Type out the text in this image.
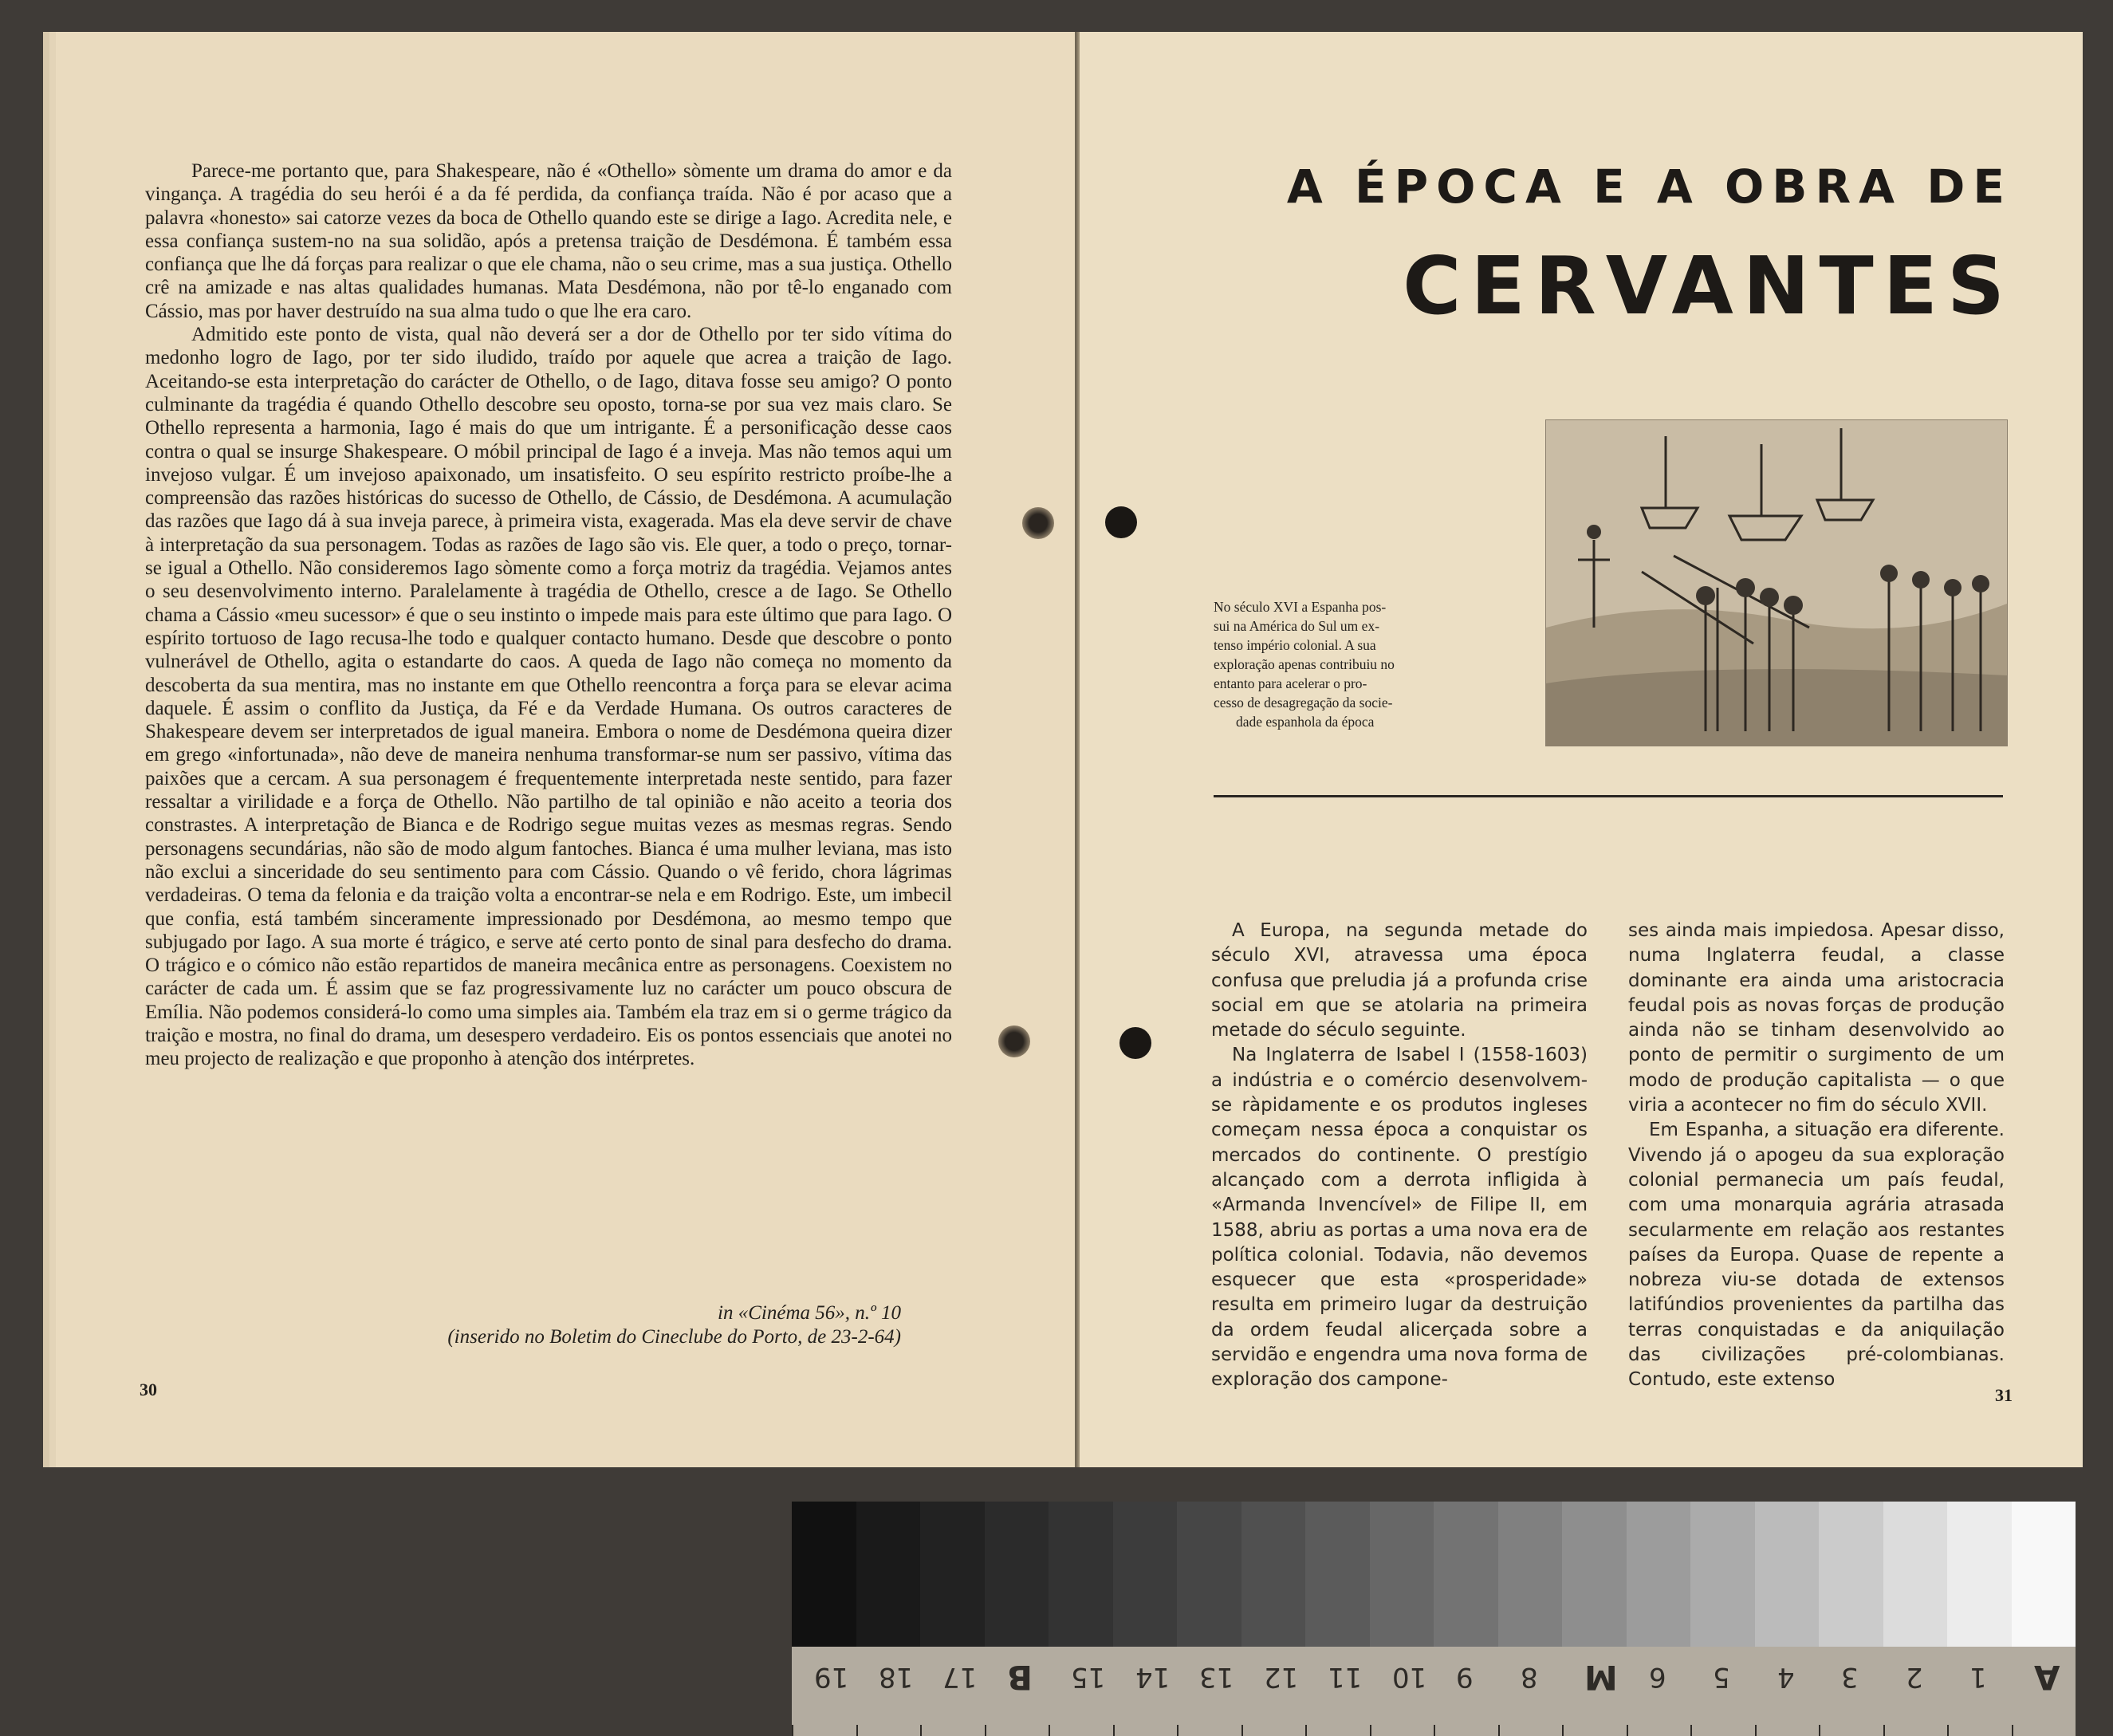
Parece-me portanto que, para Shakespeare, não é «Othello» sòmente um drama do amor e da vingança. A tragédia do seu herói é a da fé perdida, da confiança traída. Não é por acaso que a palavra «honesto» sai catorze vezes da boca de Othello quando este se dirige a Iago. Acredita nele, e essa confiança sustem-no na sua solidão, após a pretensa traição de Desdémona. É também essa confiança que lhe dá forças para realizar o que ele chama, não o seu crime, mas a sua justiça. Othello crê na amizade e nas altas qualidades humanas. Mata Desdémona, não por tê-lo enganado com Cássio, mas por haver destruído na sua alma tudo o que lhe era caro.

Admitido este ponto de vista, qual não deverá ser a dor de Othello por ter sido vítima do medonho logro de Iago, por ter sido iludido, traído por aquele que acrea a traição de Iago. Aceitando-se esta interpretação do carácter de Othello, o de Iago, ditava fosse seu amigo? O ponto culminante da tragédia é quando Othello descobre seu oposto, torna-se por sua vez mais claro. Se Othello representa a harmonia, Iago é mais do que um intrigante. É a personificação desse caos contra o qual se insurge Shakespeare. O móbil principal de Iago é a inveja. Mas não temos aqui um invejoso vulgar. É um invejoso apaixonado, um insatisfeito. O seu espírito restricto proíbe-lhe a compreensão das razões históricas do sucesso de Othello, de Cássio, de Desdémona. A acumulação das razões que Iago dá à sua inveja parece, à primeira vista, exagerada. Mas ela deve servir de chave à interpretação da sua personagem. Todas as razões de Iago são vis. Ele quer, a todo o preço, tornar-se igual a Othello. Não consideremos Iago sòmente como a força motriz da tragédia. Vejamos antes o seu desenvolvimento interno. Paralelamente à tragédia de Othello, cresce a de Iago. Se Othello chama a Cássio «meu sucessor» é que o seu instinto o impede mais para este último que para Iago. O espírito tortuoso de Iago recusa-lhe todo e qualquer contacto humano. Desde que descobre o ponto vulnerável de Othello, agita o estandarte do caos. A queda de Iago não começa no momento da descoberta da sua mentira, mas no instante em que Othello reencontra a força para se elevar acima daquele. É assim o conflito da Justiça, da Fé e da Verdade Humana. Os outros caracteres de Shakespeare devem ser interpretados de igual maneira. Embora o nome de Desdémona queira dizer em grego «infortunada», não deve de maneira nenhuma transformar-se num ser passivo, vítima das paixões que a cercam. A sua personagem é frequentemente interpretada neste sentido, para fazer ressaltar a virilidade e a força de Othello. Não partilho de tal opinião e não aceito a teoria dos constrastes. A interpretação de Bianca e de Rodrigo segue muitas vezes as mesmas regras. Sendo personagens secundárias, não são de modo algum fantoches. Bianca é uma mulher leviana, mas isto não exclui a sinceridade do seu sentimento para com Cássio. Quando o vê ferido, chora lágrimas verdadeiras. O tema da felonia e da traição volta a encontrar-se nela e em Rodrigo. Este, um imbecil que confia, está também sinceramente impressionado por Desdémona, ao mesmo tempo que subjugado por Iago. A sua morte é trágico, e serve até certo ponto de sinal para desfecho do drama. O trágico e o cómico não estão repartidos de maneira mecânica entre as personagens. Coexistem no carácter de cada um. É assim que se faz progressivamente luz no carácter um pouco obscura de Emília. Não podemos considerá-lo como uma simples aia. Também ela traz em si o germe trágico da traição e mostra, no final do drama, um desespero verdadeiro. Eis os pontos essenciais que anotei no meu projecto de realização e que proponho à atenção dos intérpretes.

in «Cinéma 56», n.º 10
(inserido no Boletim do Cineclube do Porto, de 23-2-64)
30
A ÉPOCA E A OBRA DE
CERVANTES
No século XVI a Espanha pos-
sui na América do Sul um ex-
tenso império colonial. A sua
exploração apenas contribuiu no
entanto para acelerar o pro-
cesso de desagregação da socie-
dade espanhola da época

A Europa, na segunda metade do século XVI, atravessa uma época confusa que preludia já a profunda crise social em que se atolaria na primeira metade do século seguinte.

Na Inglaterra de Isabel I (1558-1603) a indústria e o comércio desenvolvem-se ràpidamente e os produtos ingleses começam nessa época a conquistar os mercados do continente. O prestígio alcançado com a derrota infligida à «Armanda Invencível» de Filipe II, em 1588, abriu as portas a uma nova era de política colonial. Todavia, não devemos esquecer que esta «prosperidade» resulta em primeiro lugar da destruição da ordem feudal alicerçada sobre a servidão e engendra uma nova forma de exploração dos campone-

ses ainda mais impiedosa. Apesar disso, numa Inglaterra feudal, a classe dominante era ainda uma aristocracia feudal pois as novas forças de produção ainda não se tinham desenvolvido ao ponto de permitir o surgimento de um modo de produção capitalista — o que viria a acontecer no fim do século XVII.

Em Espanha, a situação era diferente. Vivendo já o apogeu da sua exploração colonial permanecia um país feudal, com uma monarquia agrária atrasada secularmente em relação aos restantes países da Europa. Quase de repente a nobreza viu-se dotada de extensos latifúndios provenientes da partilha das terras conquistadas e da aniquilação das civilizações pré-colombianas. Contudo, este extenso

31
19 18 17 B 15 14 13 12 11 10 9 8 M 6 5 4 3 2 1 A
